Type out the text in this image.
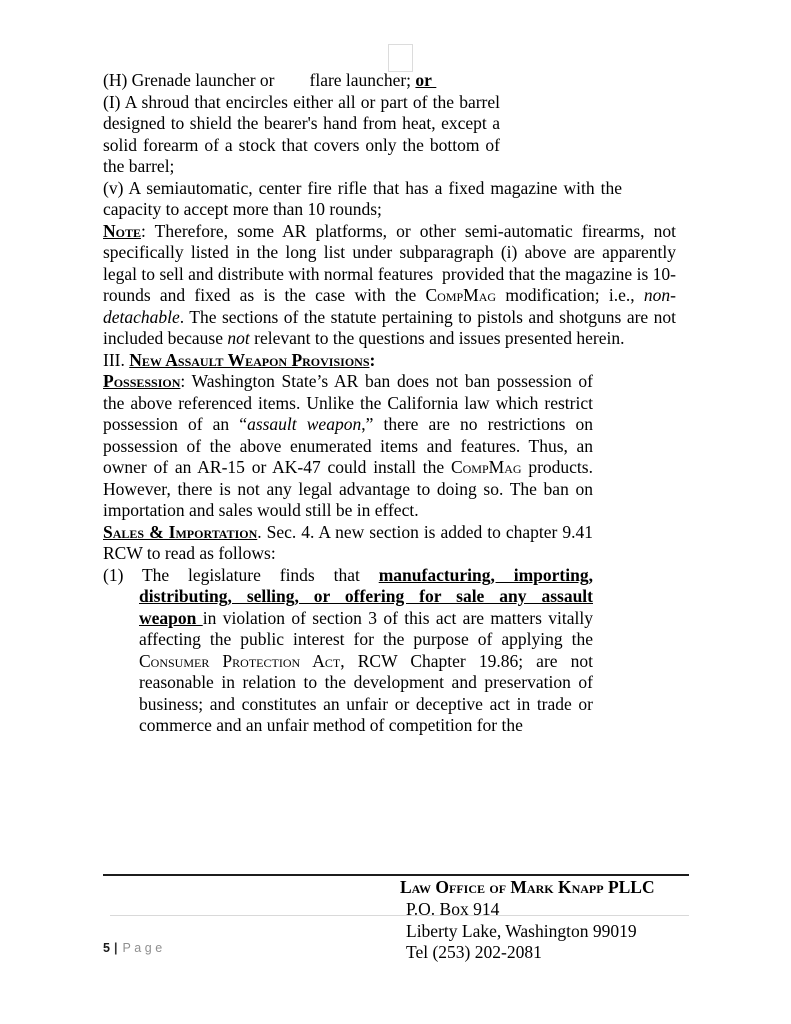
(H) Grenade launcher or        flare launcher; or

(I) A shroud that encircles either all or part of the barrel designed to shield the bearer's hand from heat, except a solid forearm of a stock that covers only the bottom of the barrel;

(v) A semiautomatic, center fire rifle that has a fixed magazine with the capacity to accept more than 10 rounds;

Note: Therefore, some AR platforms, or other semi-automatic firearms, not specifically listed in the long list under subparagraph (i) above are apparently legal to sell and distribute with normal features  provided that the magazine is 10-rounds and fixed as is the case with the CompMag modification; i.e., non-detachable. The sections of the statute pertaining to pistols and shotguns are not included because not relevant to the questions and issues presented herein.

III. New Assault Weapon Provisions:

Possession: Washington State’s AR ban does not ban possession of the above referenced items. Unlike the California law which restrict possession of an “assault weapon,” there are no restrictions on possession of the above enumerated items and features. Thus, an owner of an AR-15 or AK-47 could install the CompMag products. However, there is not any legal advantage to doing so. The ban on importation and sales would still be in effect.

Sales & Importation. Sec. 4. A new section is added to chapter 9.41 RCW to read as follows:

(1) The legislature finds that manufacturing, importing, distributing, selling, or offering for sale any assault weapon in violation of section 3 of this act are matters vitally affecting the public interest for the purpose of applying the Consumer Protection Act, RCW Chapter 19.86; are not reasonable in relation to the development and preservation of business; and constitutes an unfair or deceptive act in trade or commerce and an unfair method of competition for the

Law Office of Mark Knapp PLLC
P.O. Box 914
Liberty Lake, Washington 99019
Tel (253) 202-2081
5 | Page
